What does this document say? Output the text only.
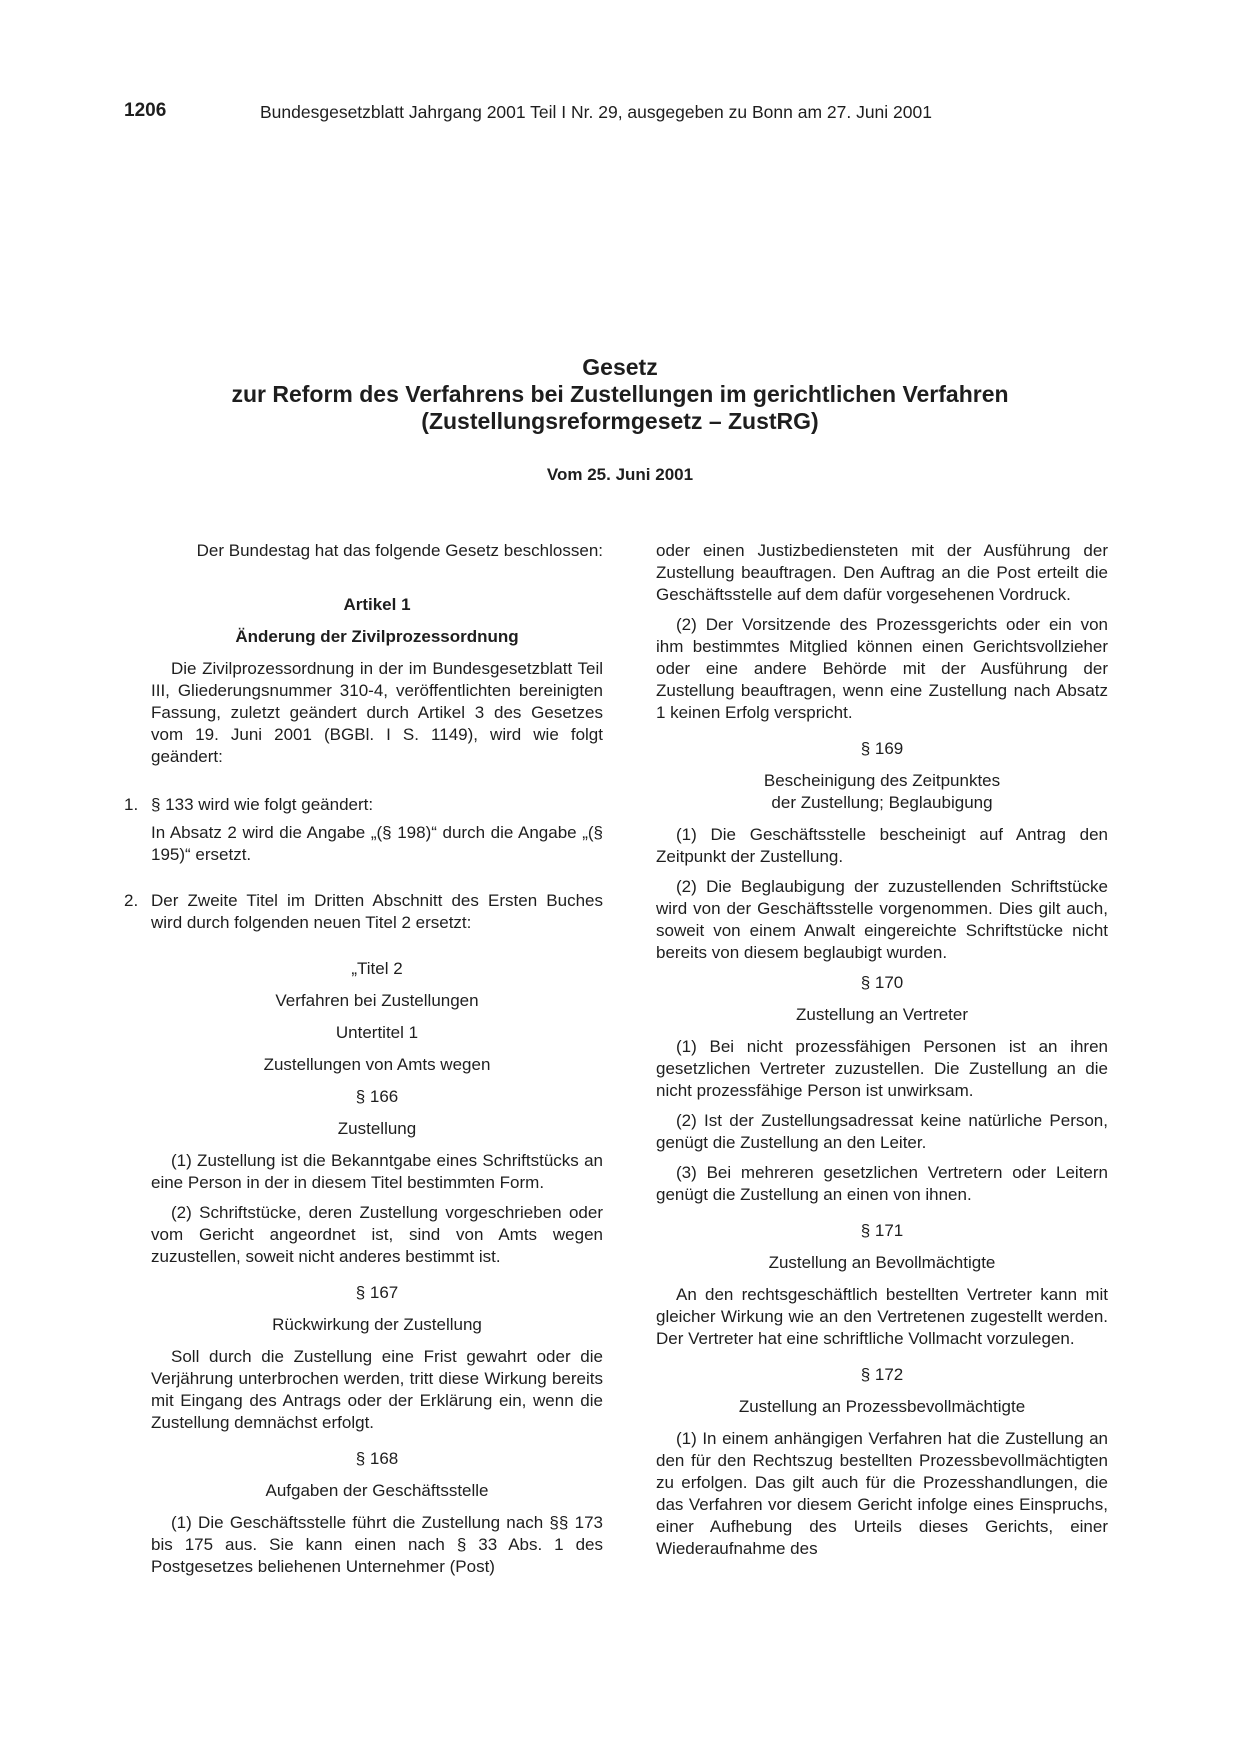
1206	Bundesgesetzblatt Jahrgang 2001 Teil I Nr. 29, ausgegeben zu Bonn am 27. Juni 2001

Gesetz

zur Reform des Verfahrens bei Zustellungen im gerichtlichen Verfahren

(Zustellungsreformgesetz – ZustRG)

Vom 25. Juni 2001

Der Bundestag hat das folgende Gesetz beschlossen:

Artikel 1

Änderung der Zivilprozessordnung

Die Zivilprozessordnung in der im Bundesgesetzblatt Teil III, Gliederungsnummer 310-4, veröffentlichten bereinigten Fassung, zuletzt geändert durch Artikel 3 des Gesetzes vom 19. Juni 2001 (BGBl. I S. 1149), wird wie folgt geändert:

1. § 133 wird wie folgt geändert:

In Absatz 2 wird die Angabe „(§ 198)“ durch die Angabe „(§ 195)“ ersetzt.

2. Der Zweite Titel im Dritten Abschnitt des Ersten Buches wird durch folgenden neuen Titel 2 ersetzt:

„Titel 2

Verfahren bei Zustellungen

Untertitel 1

Zustellungen von Amts wegen

§ 166

Zustellung

(1) Zustellung ist die Bekanntgabe eines Schriftstücks an eine Person in der in diesem Titel bestimmten Form.

(2) Schriftstücke, deren Zustellung vorgeschrieben oder vom Gericht angeordnet ist, sind von Amts wegen zuzustellen, soweit nicht anderes bestimmt ist.

§ 167

Rückwirkung der Zustellung

Soll durch die Zustellung eine Frist gewahrt oder die Verjährung unterbrochen werden, tritt diese Wirkung bereits mit Eingang des Antrags oder der Erklärung ein, wenn die Zustellung demnächst erfolgt.

§ 168

Aufgaben der Geschäftsstelle

(1) Die Geschäftsstelle führt die Zustellung nach §§ 173 bis 175 aus. Sie kann einen nach § 33 Abs. 1 des Postgesetzes beliehenen Unternehmer (Post)

oder einen Justizbediensteten mit der Ausführung der Zustellung beauftragen. Den Auftrag an die Post erteilt die Geschäftsstelle auf dem dafür vorgesehenen Vordruck.

(2) Der Vorsitzende des Prozessgerichts oder ein von ihm bestimmtes Mitglied können einen Gerichtsvollzieher oder eine andere Behörde mit der Ausführung der Zustellung beauftragen, wenn eine Zustellung nach Absatz 1 keinen Erfolg verspricht.

§ 169

Bescheinigung des Zeitpunktes

der Zustellung; Beglaubigung

(1) Die Geschäftsstelle bescheinigt auf Antrag den Zeitpunkt der Zustellung.

(2) Die Beglaubigung der zuzustellenden Schriftstücke wird von der Geschäftsstelle vorgenommen. Dies gilt auch, soweit von einem Anwalt eingereichte Schriftstücke nicht bereits von diesem beglaubigt wurden.

§ 170

Zustellung an Vertreter

(1) Bei nicht prozessfähigen Personen ist an ihren gesetzlichen Vertreter zuzustellen. Die Zustellung an die nicht prozessfähige Person ist unwirksam.

(2) Ist der Zustellungsadressat keine natürliche Person, genügt die Zustellung an den Leiter.

(3) Bei mehreren gesetzlichen Vertretern oder Leitern genügt die Zustellung an einen von ihnen.

§ 171

Zustellung an Bevollmächtigte

An den rechtsgeschäftlich bestellten Vertreter kann mit gleicher Wirkung wie an den Vertretenen zugestellt werden. Der Vertreter hat eine schriftliche Vollmacht vorzulegen.

§ 172

Zustellung an Prozessbevollmächtigte

(1) In einem anhängigen Verfahren hat die Zustellung an den für den Rechtszug bestellten Prozessbevollmächtigten zu erfolgen. Das gilt auch für die Prozesshandlungen, die das Verfahren vor diesem Gericht infolge eines Einspruchs, einer Aufhebung des Urteils dieses Gerichts, einer Wiederaufnahme des
